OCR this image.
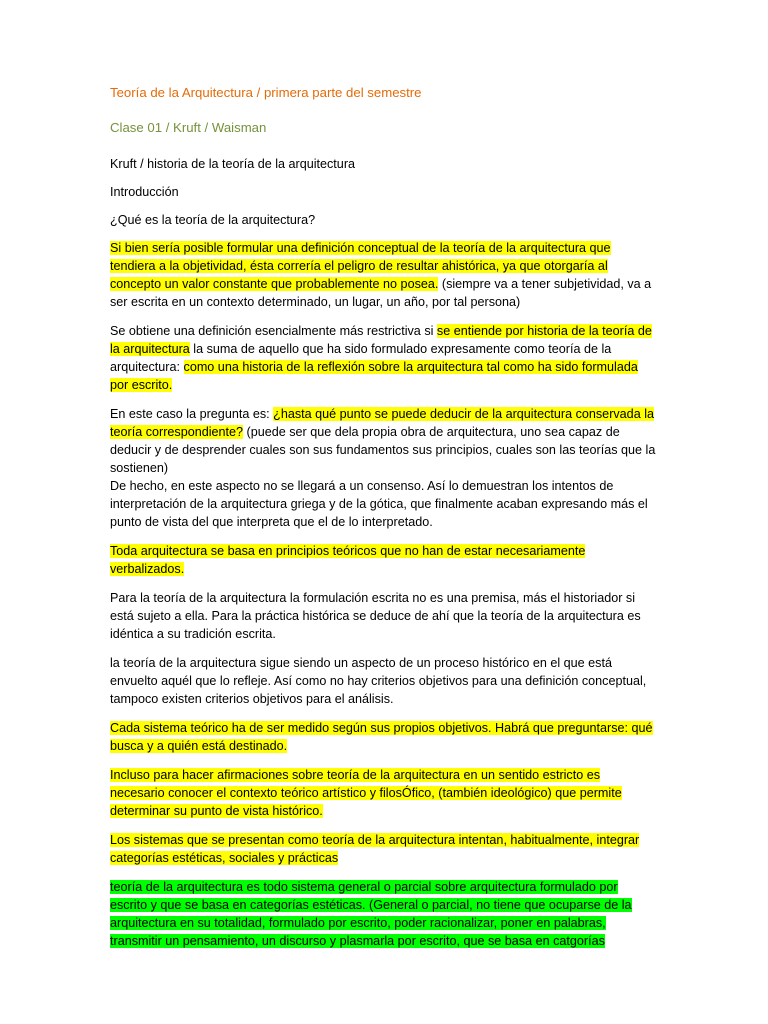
Teoría de la Arquitectura / primera parte del semestre

Clase 01 / Kruft / Waisman

Kruft / historia de la teoría de la arquitectura

Introducción

¿Qué es la teoría de la arquitectura?

Si bien sería posible formular una definición conceptual de la teoría de la arquitectura que tendiera a la objetividad, ésta correría el peligro de resultar ahistórica, ya que otorgaría al concepto un valor constante que probablemente no posea. (siempre va a tener subjetividad, va a ser escrita en un contexto determinado, un lugar, un año, por tal persona)

Se obtiene una definición esencialmente más restrictiva si se entiende por historia de la teoría de la arquitectura la suma de aquello que ha sido formulado expresamente como teoría de la arquitectura: como una historia de la reflexión sobre la arquitectura tal como ha sido formulada por escrito.

En este caso la pregunta es: ¿hasta qué punto se puede deducir de la arquitectura conservada la teoría correspondiente? (puede ser que dela propia obra de arquitectura, uno sea capaz de deducir y de desprender cuales son sus fundamentos sus principios, cuales son las teorías que la sostienen)

De hecho, en este aspecto no se llegará a un consenso. Así lo demuestran los intentos de interpretación de la arquitectura griega y de la gótica, que finalmente acaban expresando más el punto de vista del que interpreta que el de lo interpretado.

Toda arquitectura se basa en principios teóricos que no han de estar necesariamente verbalizados.

Para la teoría de la arquitectura la formulación escrita no es una premisa, más el historiador si está sujeto a ella. Para la práctica histórica se deduce de ahí que la teoría de la arquitectura es idéntica a su tradición escrita.

la teoría de la arquitectura sigue siendo un aspecto de un proceso histórico en el que está envuelto aquél que lo refleje. Así como no hay criterios objetivos para una definición conceptual, tampoco existen criterios objetivos para el análisis.

Cada sistema teórico ha de ser medido según sus propios objetivos. Habrá que preguntarse: qué busca y a quién está destinado.

Incluso para hacer afirmaciones sobre teoría de la arquitectura en un sentido estricto es necesario conocer el contexto teórico artístico y filosÓfico, (también ideológico) que permite determinar su punto de vista histórico.

Los sistemas que se presentan como teoría de la arquitectura intentan, habitualmente, integrar categorías estéticas, sociales y prácticas

teoría de la arquitectura es todo sistema general o parcial sobre arquitectura formulado por escrito y que se basa en categorías estéticas. (General o parcial, no tiene que ocuparse de la arquitectura en su totalidad, formulado por escrito, poder racionalizar, poner en palabras, transmitir un pensamiento, un discurso y plasmarla por escrito, que se basa en catgorías
